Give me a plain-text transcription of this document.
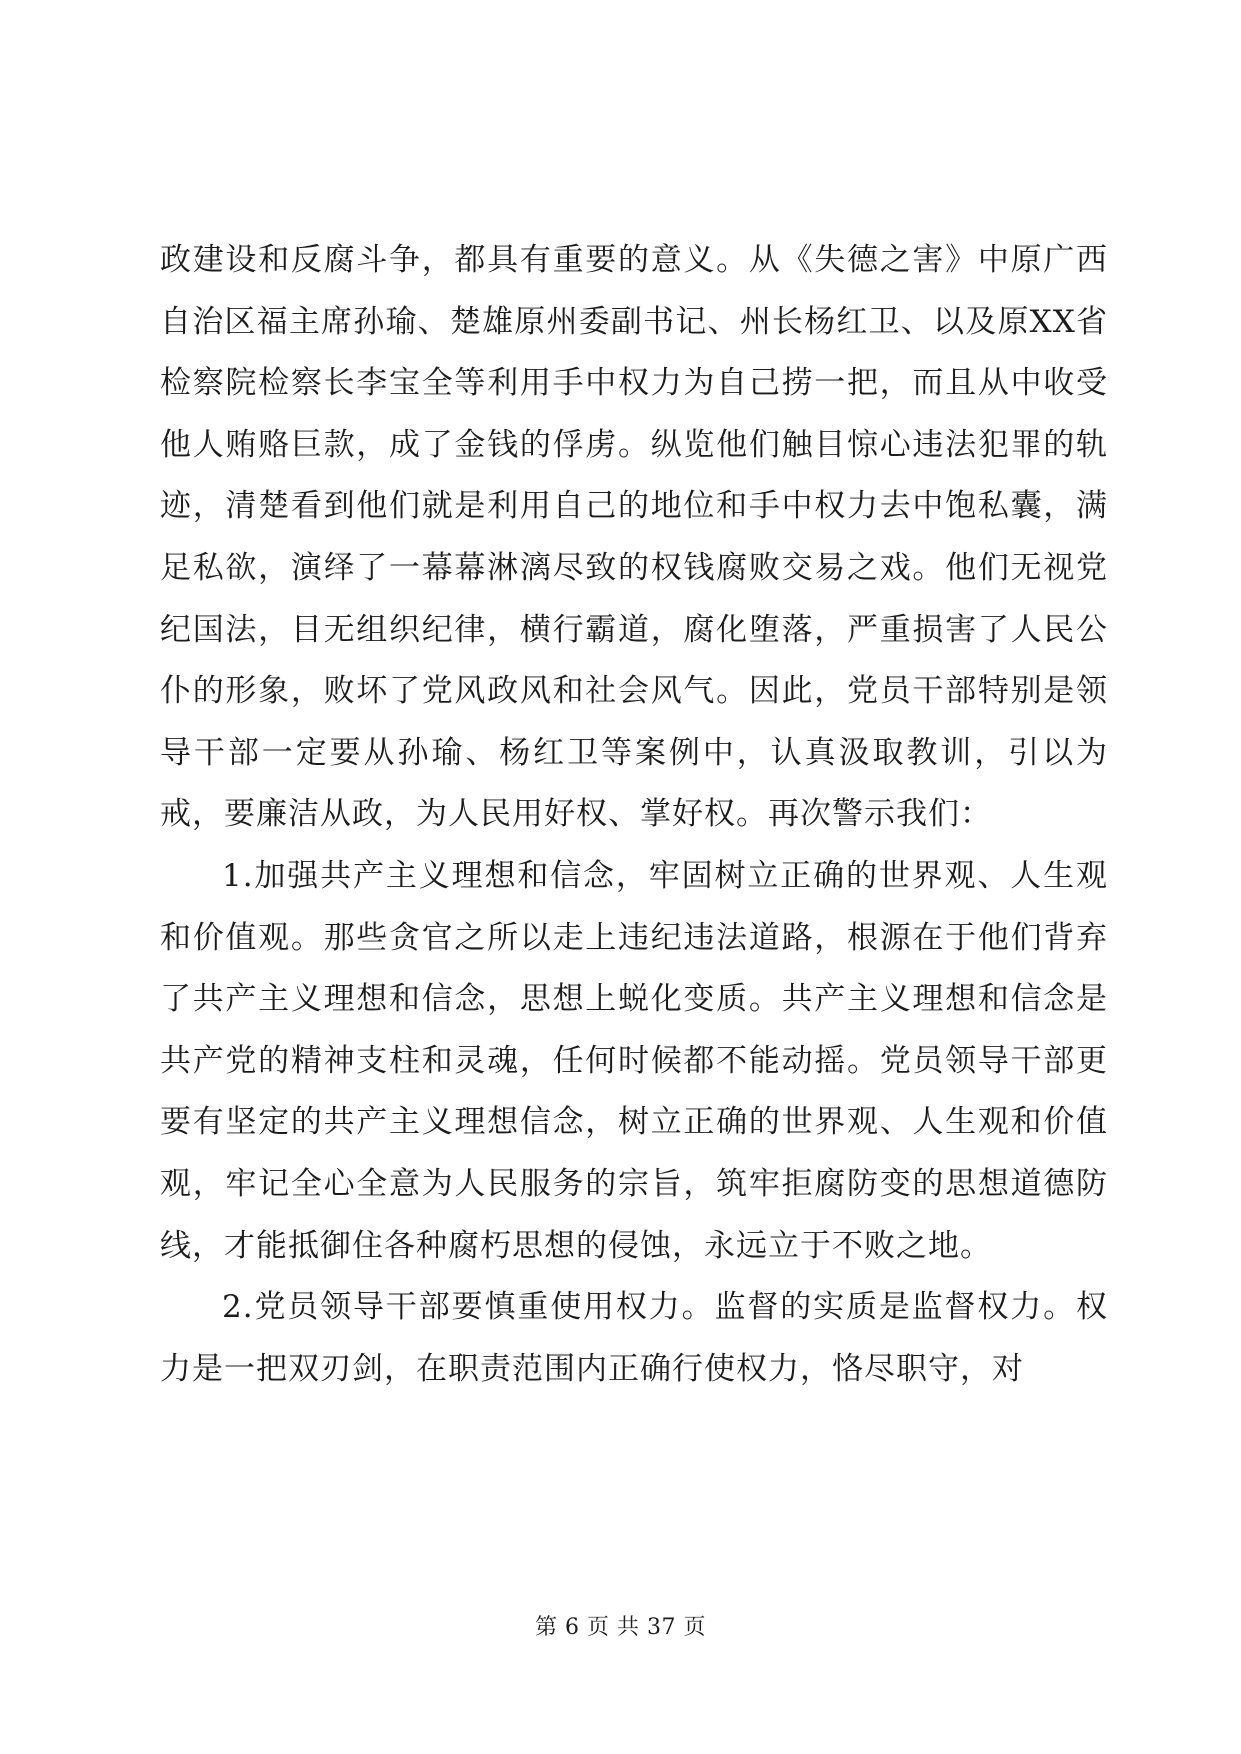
政建设和反腐斗争，都具有重要的意义。从《失德之害》中原广西自治区福主席孙瑜、楚雄原州委副书记、州长杨红卫、以及原XX省检察院检察长李宝全等利用手中权力为自己捞一把，而且从中收受他人贿赂巨款，成了金钱的俘虏。纵览他们触目惊心违法犯罪的轨迹，清楚看到他们就是利用自己的地位和手中权力去中饱私囊，满足私欲，演绎了一幕幕淋漓尽致的权钱腐败交易之戏。他们无视党纪国法，目无组织纪律，横行霸道，腐化堕落，严重损害了人民公仆的形象，败坏了党风政风和社会风气。因此，党员干部特别是领导干部一定要从孙瑜、杨红卫等案例中，认真汲取教训，引以为戒，要廉洁从政，为人民用好权、掌好权。再次警示我们：

1.加强共产主义理想和信念，牢固树立正确的世界观、人生观和价值观。那些贪官之所以走上违纪违法道路，根源在于他们背弃了共产主义理想和信念，思想上蜕化变质。共产主义理想和信念是共产党的精神支柱和灵魂，任何时候都不能动摇。党员领导干部更要有坚定的共产主义理想信念，树立正确的世界观、人生观和价值观，牢记全心全意为人民服务的宗旨，筑牢拒腐防变的思想道德防线，才能抵御住各种腐朽思想的侵蚀，永远立于不败之地。

2.党员领导干部要慎重使用权力。监督的实质是监督权力。权力是一把双刃剑，在职责范围内正确行使权力，恪尽职守，对

第 6 页 共 37 页
